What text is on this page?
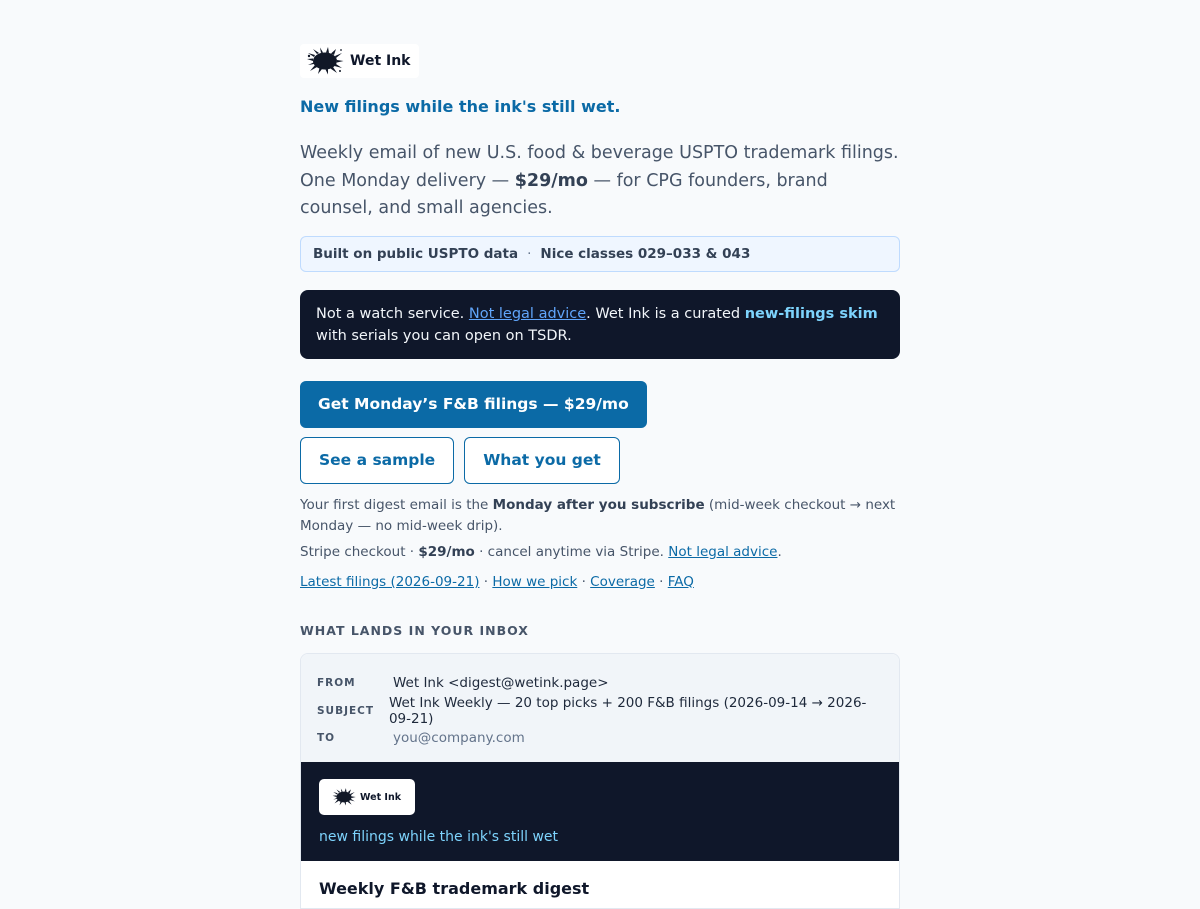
Wet Ink
New filings while the ink's still wet.
Weekly email of new U.S. food & beverage USPTO trademark filings. One Monday delivery — $29/mo — for CPG founders, brand counsel, and small agencies.
Built on public USPTO data · Nice classes 029–033 & 043
Not a watch service. Not legal advice. Wet Ink is a curated new-filings skim with serials you can open on TSDR.
Get Monday’s F&B filings — $29/mo
See a sample	What you get
Your first digest email is the Monday after you subscribe (mid-week checkout → next Monday — no mid-week drip).
Stripe checkout · $29/mo · cancel anytime via Stripe. Not legal advice.
Latest filings (2026-09-21) · How we pick · Coverage · FAQ
WHAT LANDS IN YOUR INBOX
FROM	Wet Ink <digest@wetink.page>
SUBJECT	Wet Ink Weekly — 20 top picks + 200 F&B filings (2026-09-14 → 2026-09-21)
TO	you@company.com
Wet Ink
new filings while the ink's still wet
Weekly F&B trademark digest
